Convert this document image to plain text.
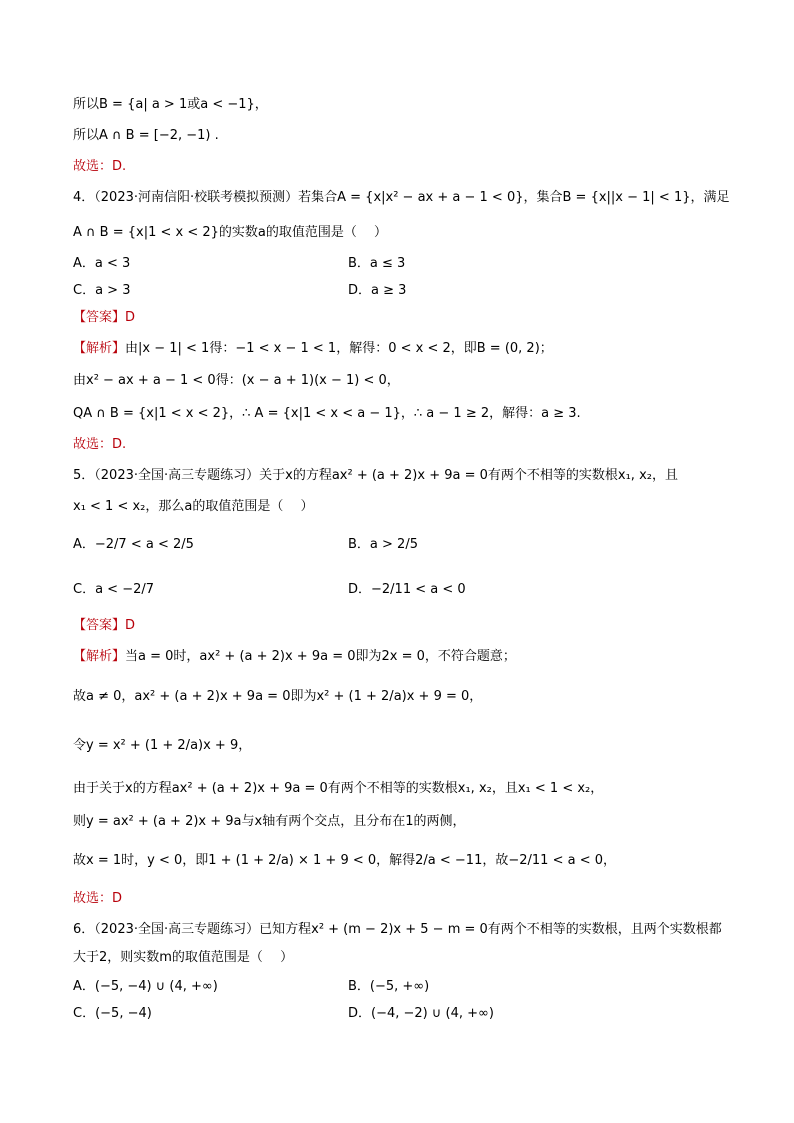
所以B = {a| a > 1或a < −1}，
所以A ∩ B = [−2, −1) .
故选：D.
4．（2023·河南信阳·校联考模拟预测）若集合A = {x|x² − ax + a − 1 < 0}，集合B = {x||x − 1| < 1}，满足
A ∩ B = {x|1 < x < 2}的实数a的取值范围是（　 ）
A．a < 3	B．a ≤ 3
C．a > 3	D．a ≥ 3
【答案】D
【解析】由|x − 1| < 1得：−1 < x − 1 < 1，解得：0 < x < 2，即B = (0, 2)；
由x² − ax + a − 1 < 0得：(x − a + 1)(x − 1) < 0，
QA ∩ B = {x|1 < x < 2}，∴ A = {x|1 < x < a − 1}，∴ a − 1 ≥ 2，解得：a ≥ 3.
故选：D.
5．（2023·全国·高三专题练习）关于x的方程ax² + (a + 2)x + 9a = 0有两个不相等的实数根x₁, x₂，且
x₁ < 1 < x₂，那么a的取值范围是（　 ）
A．−2/7 < a < 2/5	B．a > 2/5
C．a < −2/7	D．−2/11 < a < 0
【答案】D
【解析】当a = 0时，ax² + (a + 2)x + 9a = 0即为2x = 0，不符合题意；
故a ≠ 0，ax² + (a + 2)x + 9a = 0即为x² + (1 + 2/a)x + 9 = 0，
令y = x² + (1 + 2/a)x + 9，
由于关于x的方程ax² + (a + 2)x + 9a = 0有两个不相等的实数根x₁, x₂，且x₁ < 1 < x₂，
则y = ax² + (a + 2)x + 9a与x轴有两个交点，且分布在1的两侧，
故x = 1时，y < 0，即1 + (1 + 2/a) × 1 + 9 < 0，解得2/a < −11，故−2/11 < a < 0，
故选：D
6．（2023·全国·高三专题练习）已知方程x² + (m − 2)x + 5 − m = 0有两个不相等的实数根，且两个实数根都
大于2，则实数m的取值范围是（　 ）
A．(−5, −4) ∪ (4, +∞)	B．(−5, +∞)
C．(−5, −4)	D．(−4, −2) ∪ (4, +∞)
